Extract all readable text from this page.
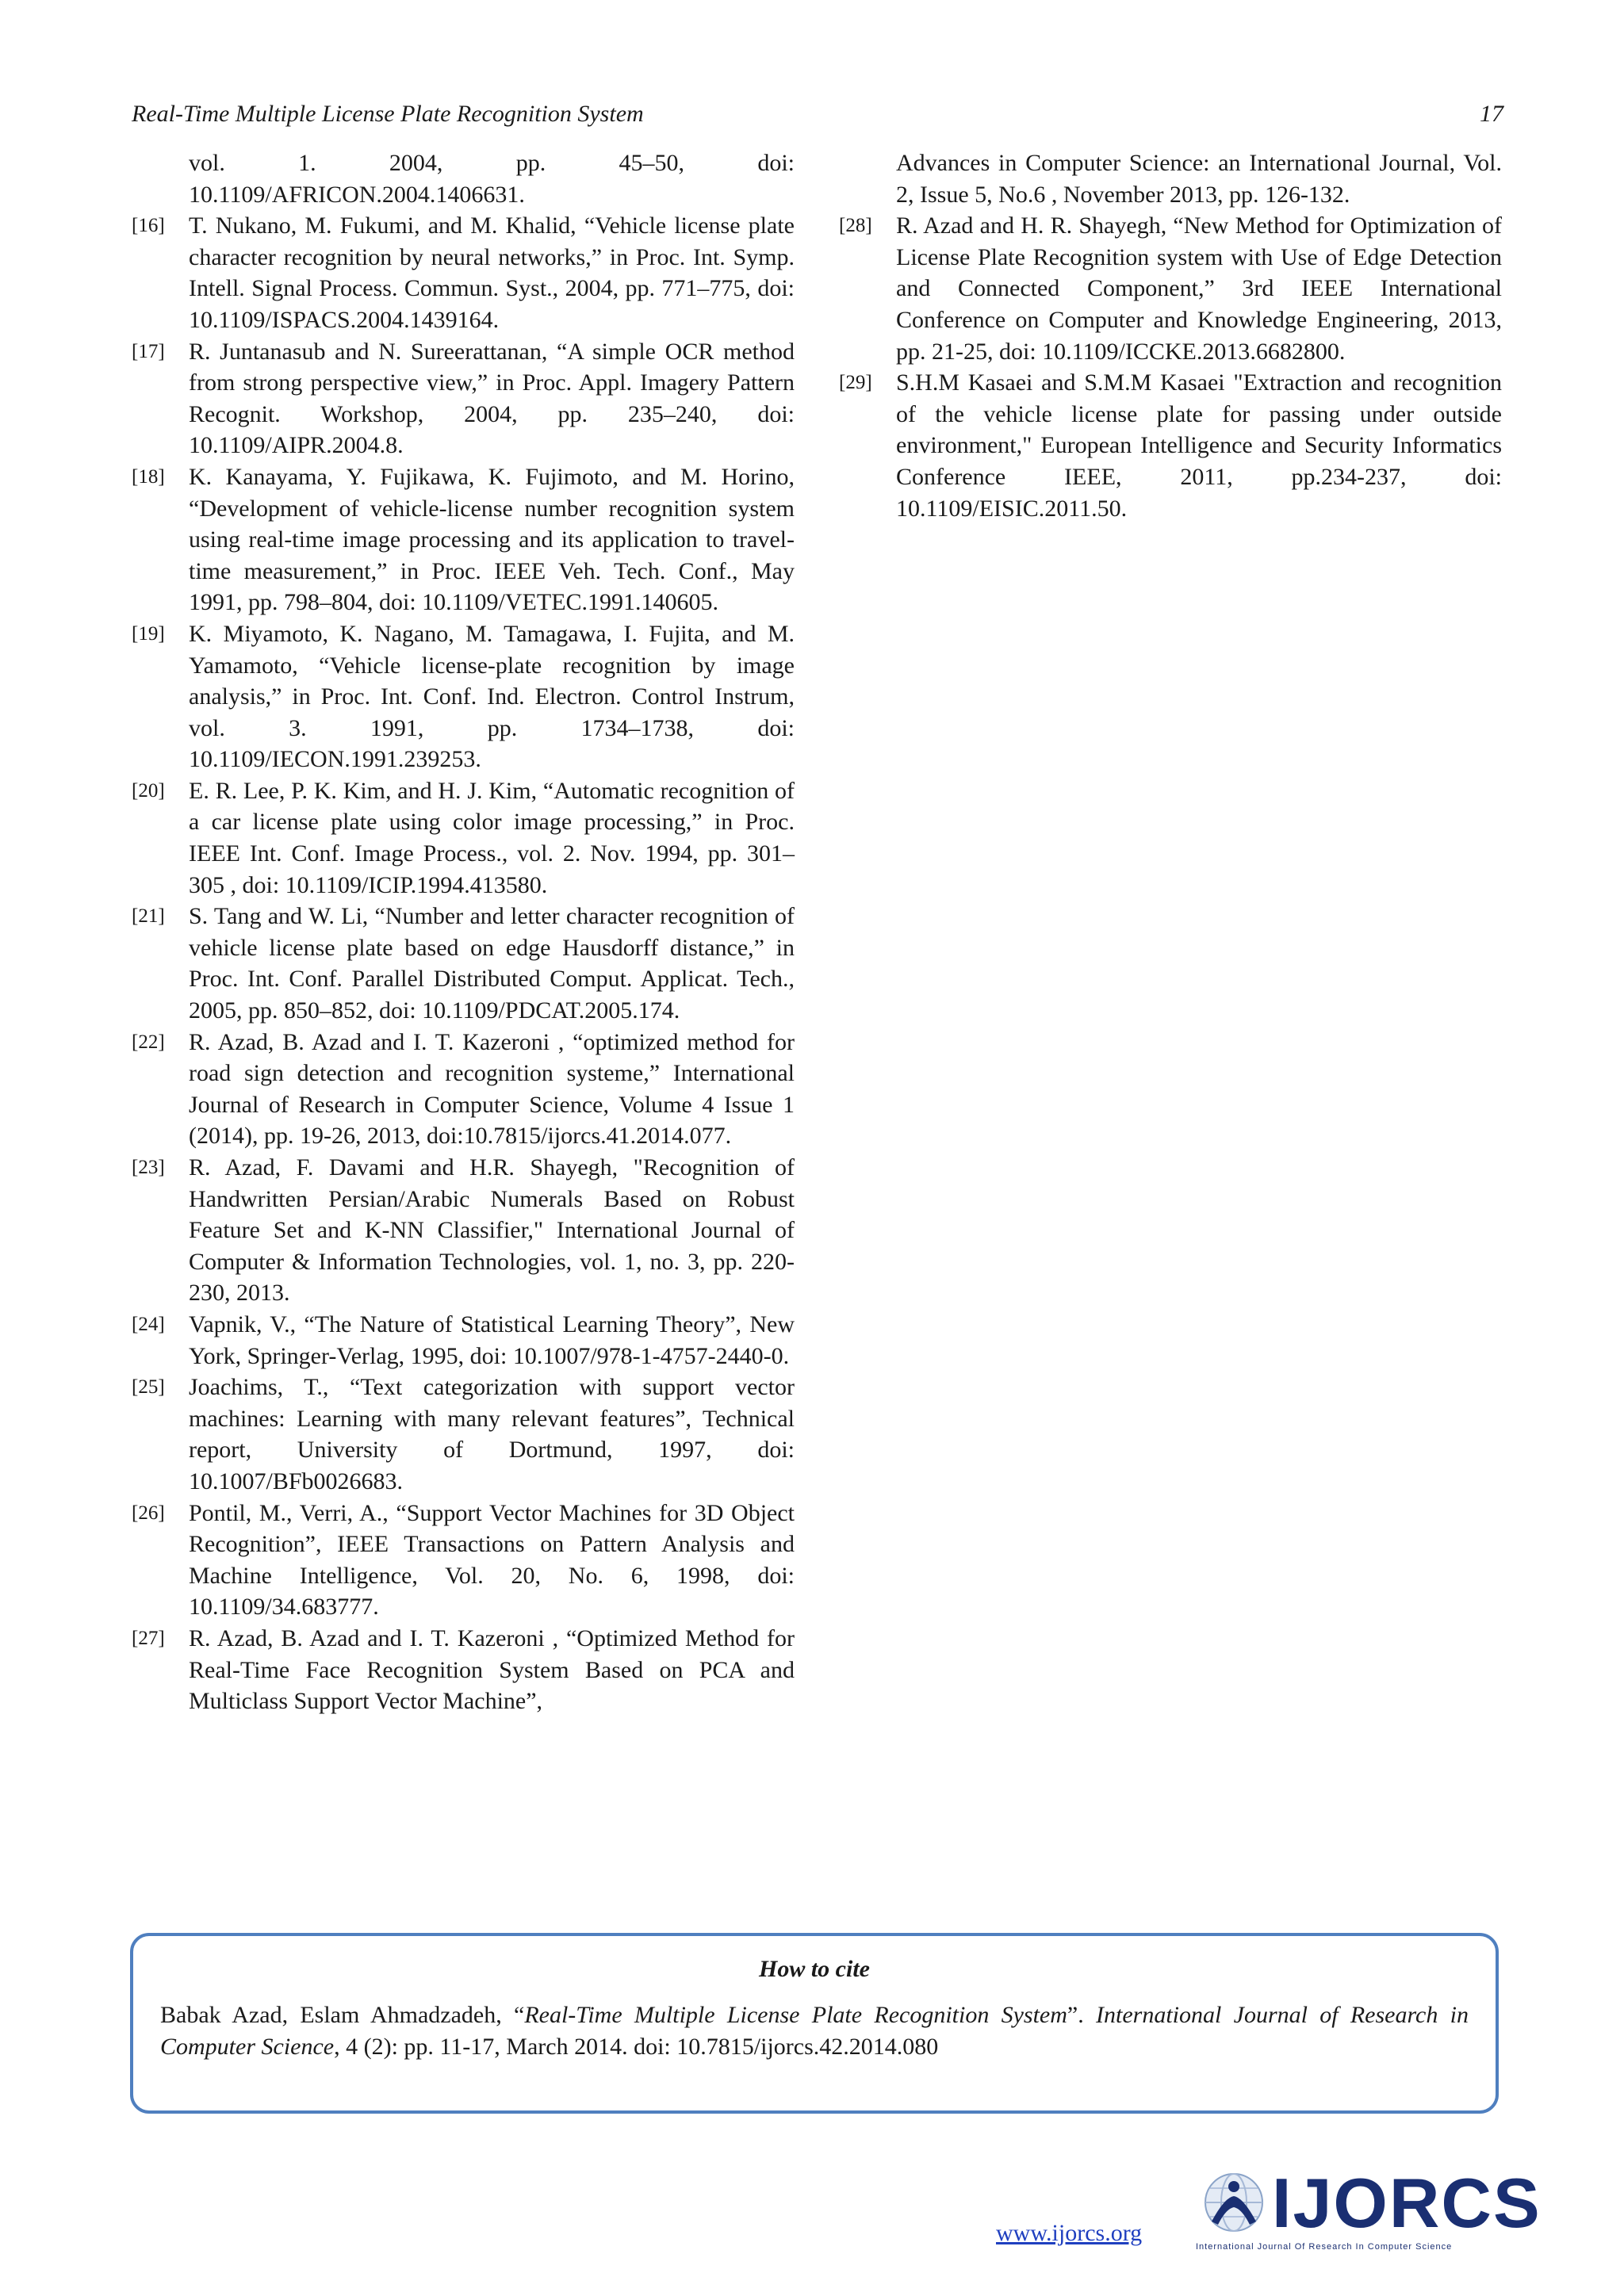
Real-Time Multiple License Plate Recognition System	17
vol. 1. 2004, pp. 45–50, doi: 10.1109/AFRICON.2004.1406631.
[16] T. Nukano, M. Fukumi, and M. Khalid, “Vehicle license plate character recognition by neural networks,” in Proc. Int. Symp. Intell. Signal Process. Commun. Syst., 2004, pp. 771–775, doi: 10.1109/ISPACS.2004.1439164.
[17] R. Juntanasub and N. Sureerattanan, “A simple OCR method from strong perspective view,” in Proc. Appl. Imagery Pattern Recognit. Workshop, 2004, pp. 235–240, doi: 10.1109/AIPR.2004.8.
[18] K. Kanayama, Y. Fujikawa, K. Fujimoto, and M. Horino, “Development of vehicle-license number recognition system using real-time image processing and its application to travel-time measurement,” in Proc. IEEE Veh. Tech. Conf., May 1991, pp. 798–804, doi: 10.1109/VETEC.1991.140605.
[19] K. Miyamoto, K. Nagano, M. Tamagawa, I. Fujita, and M. Yamamoto, “Vehicle license-plate recognition by image analysis,” in Proc. Int. Conf. Ind. Electron. Control Instrum, vol. 3. 1991, pp. 1734–1738, doi: 10.1109/IECON.1991.239253.
[20] E. R. Lee, P. K. Kim, and H. J. Kim, “Automatic recognition of a car license plate using color image processing,” in Proc. IEEE Int. Conf. Image Process., vol. 2. Nov. 1994, pp. 301–305 , doi: 10.1109/ICIP.1994.413580.
[21] S. Tang and W. Li, “Number and letter character recognition of vehicle license plate based on edge Hausdorff distance,” in Proc. Int. Conf. Parallel Distributed Comput. Applicat. Tech., 2005, pp. 850–852, doi: 10.1109/PDCAT.2005.174.
[22] R. Azad, B. Azad and I. T. Kazeroni , “optimized method for road sign detection and recognition systeme,” International Journal of Research in Computer Science, Volume 4 Issue 1 (2014), pp. 19-26, 2013, doi:10.7815/ijorcs.41.2014.077.
[23] R. Azad, F. Davami and H.R. Shayegh, "Recognition of Handwritten Persian/Arabic Numerals Based on Robust Feature Set and K-NN Classifier," International Journal of Computer & Information Technologies, vol. 1, no. 3, pp. 220-230, 2013.
[24] Vapnik, V., “The Nature of Statistical Learning Theory”, New York, Springer-Verlag, 1995, doi: 10.1007/978-1-4757-2440-0.
[25] Joachims, T., “Text categorization with support vector machines: Learning with many relevant features”, Technical report, University of Dortmund, 1997, doi: 10.1007/BFb0026683.
[26] Pontil, M., Verri, A., “Support Vector Machines for 3D Object Recognition”, IEEE Transactions on Pattern Analysis and Machine Intelligence, Vol. 20, No. 6, 1998, doi: 10.1109/34.683777.
[27] R. Azad, B. Azad and I. T. Kazeroni , “Optimized Method for Real-Time Face Recognition System Based on PCA and Multiclass Support Vector Machine”,
Advances in Computer Science: an International Journal, Vol. 2, Issue 5, No.6 , November 2013, pp. 126-132.
[28] R. Azad and H. R. Shayegh, “New Method for Optimization of License Plate Recognition system with Use of Edge Detection and Connected Component,” 3rd IEEE International Conference on Computer and Knowledge Engineering, 2013, pp. 21-25, doi: 10.1109/ICCKE.2013.6682800.
[29] S.H.M Kasaei and S.M.M Kasaei "Extraction and recognition of the vehicle license plate for passing under outside environment," European Intelligence and Security Informatics Conference IEEE, 2011, pp.234-237, doi: 10.1109/EISIC.2011.50.
How to cite
Babak Azad, Eslam Ahmadzadeh, “Real-Time Multiple License Plate Recognition System”. International Journal of Research in Computer Science, 4 (2): pp. 11-17, March 2014. doi: 10.7815/ijorcs.42.2014.080
www.ijorcs.org IJORCS
International Journal Of Research In Computer Science
